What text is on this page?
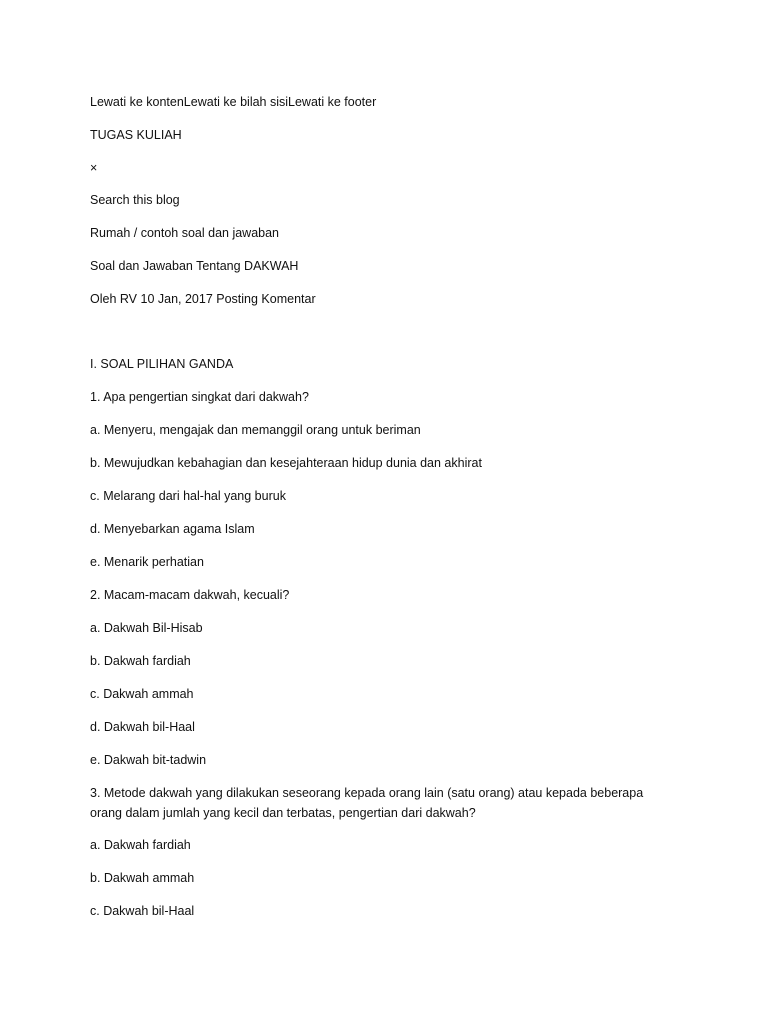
Lewati ke kontenLewati ke bilah sisiLewati ke footer
TUGAS KULIAH
×
Search this blog
Rumah / contoh soal dan jawaban
Soal dan Jawaban Tentang DAKWAH
Oleh RV 10 Jan, 2017 Posting Komentar
I. SOAL PILIHAN GANDA
1. Apa pengertian singkat dari dakwah?
a. Menyeru, mengajak dan memanggil orang untuk beriman
b. Mewujudkan kebahagian dan kesejahteraan hidup dunia dan akhirat
c. Melarang dari hal-hal yang buruk
d. Menyebarkan agama Islam
e. Menarik perhatian
2. Macam-macam dakwah, kecuali?
a. Dakwah Bil-Hisab
b. Dakwah fardiah
c. Dakwah ammah
d. Dakwah bil-Haal
e. Dakwah bit-tadwin
3. Metode dakwah yang dilakukan seseorang kepada orang lain (satu orang) atau kepada beberapa orang dalam jumlah yang kecil dan terbatas, pengertian dari dakwah?
a. Dakwah fardiah
b. Dakwah ammah
c. Dakwah bil-Haal
